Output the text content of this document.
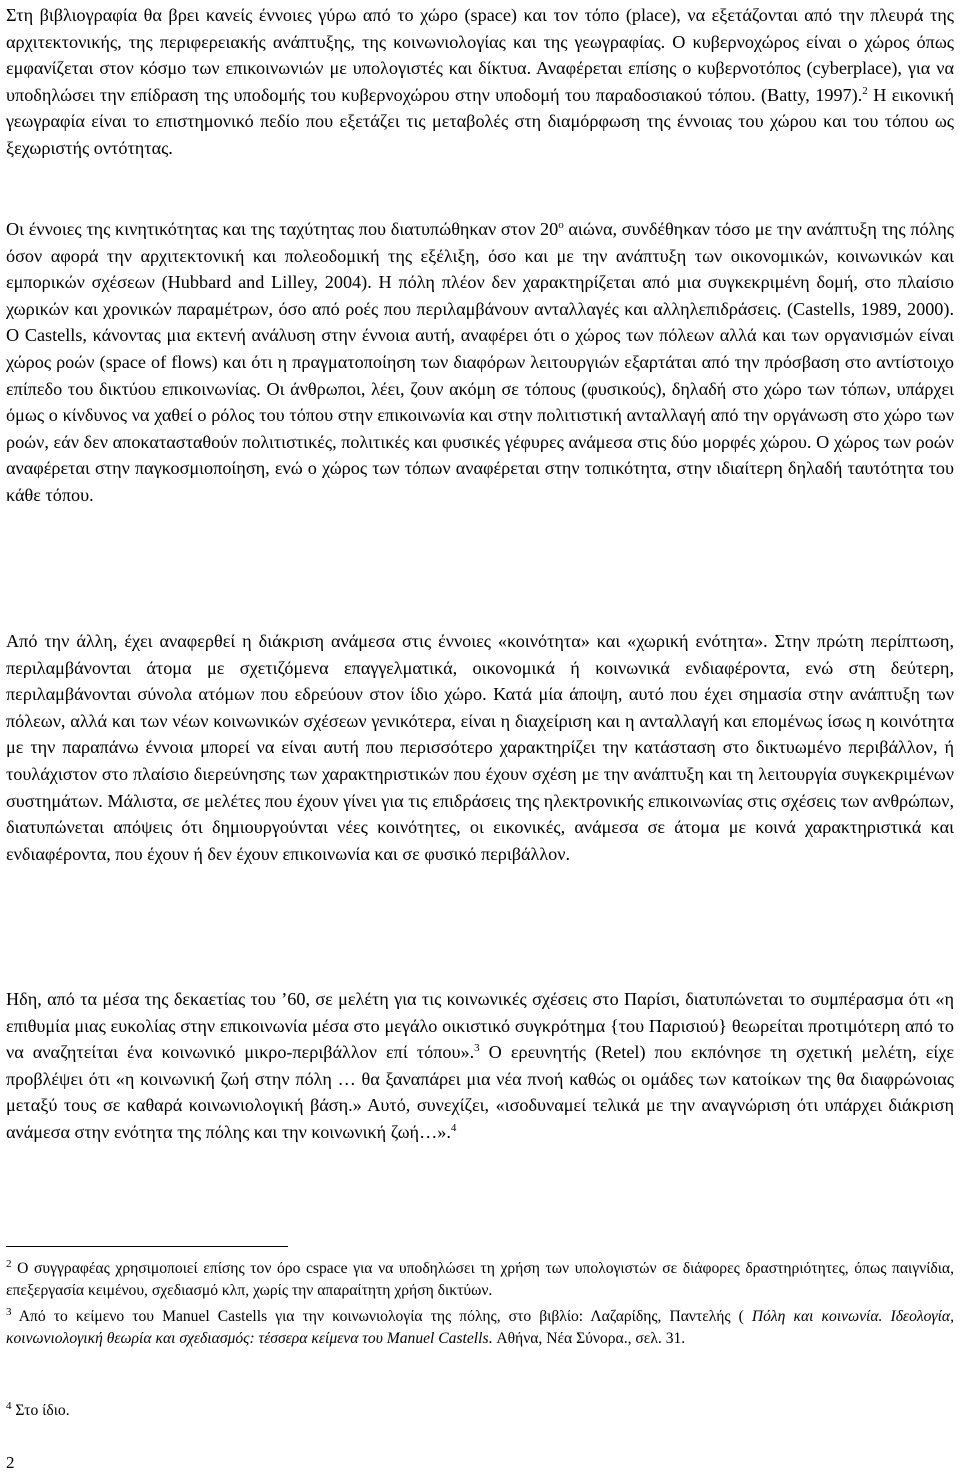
Στη βιβλιογραφία θα βρει κανείς έννοιες γύρω από το χώρο (space) και τον τόπο (place), να εξετάζονται από την πλευρά της αρχιτεκτονικής, της περιφερειακής ανάπτυξης, της κοινωνιολογίας και της γεωγραφίας. Ο κυβερνοχώρος είναι ο χώρος όπως εμφανίζεται στον κόσμο των επικοινωνιών με υπολογιστές και δίκτυα. Αναφέρεται επίσης ο κυβερνοτόπος (cyberplace), για να υποδηλώσει την επίδραση της υποδομής του κυβερνοχώρου στην υποδομή του παραδοσιακού τόπου. (Batty, 1997).$^2$ Η εικονική γεωγραφία είναι το επιστημονικό πεδίο που εξετάζει τις μεταβολές στη διαμόρφωση της έννοιας του χώρου και του τόπου ως ξεχωριστής οντότητας.

Οι έννοιες της κινητικότητας και της ταχύτητας που διατυπώθηκαν στον $20^o$ αιώνα, συνδέθηκαν τόσο με την ανάπτυξη της πόλης όσον αφορά την αρχιτεκτονική και πολεοδομική της εξέλιξη, όσο και με την ανάπτυξη των οικονομικών, κοινωνικών και εμπορικών σχέσεων (Hubbard and Lilley, 2004). Η πόλη πλέον δεν χαρακτηρίζεται από μια συγκεκριμένη δομή, στο πλαίσιο χωρικών και χρονικών παραμέτρων, όσο από ροές που περιλαμβάνουν ανταλλαγές και αλληλεπιδράσεις. (Castells, 1989, 2000). Ο Castells, κάνοντας μια εκτενή ανάλυση στην έννοια αυτή, αναφέρει ότι ο χώρος των πόλεων αλλά και των οργανισμών είναι χώρος ροών (space of flows) και ότι η πραγματοποίηση των διαφόρων λειτουργιών εξαρτάται από την πρόσβαση στο αντίστοιχο επίπεδο του δικτύου επικοινωνίας. Οι άνθρωποι, λέει, ζουν ακόμη σε τόπους (φυσικούς), δηλαδή στο χώρο των τόπων, υπάρχει όμως ο κίνδυνος να χαθεί ο ρόλος του τόπου στην επικοινωνία και στην πολιτιστική ανταλλαγή από την οργάνωση στο χώρο των ροών, εάν δεν αποκατασταθούν πολιτιστικές, πολιτικές και φυσικές γέφυρες ανάμεσα στις δύο μορφές χώρου. Ο χώρος των ροών αναφέρεται στην παγκοσμιοποίηση, ενώ ο χώρος των τόπων αναφέρεται στην τοπικότητα, στην ιδιαίτερη δηλαδή ταυτότητα του κάθε τόπου.

Από την άλλη, έχει αναφερθεί η διάκριση ανάμεσα στις έννοιες «κοινότητα» και «χωρική ενότητα». Στην πρώτη περίπτωση, περιλαμβάνονται άτομα με σχετιζόμενα επαγγελματικά, οικονομικά ή κοινωνικά ενδιαφέροντα, ενώ στη δεύτερη, περιλαμβάνονται σύνολα ατόμων που εδρεύουν στον ίδιο χώρο. Κατά μία άποψη, αυτό που έχει σημασία στην ανάπτυξη των πόλεων, αλλά και των νέων κοινωνικών σχέσεων γενικότερα, είναι η διαχείριση και η ανταλλαγή και επομένως ίσως η κοινότητα με την παραπάνω έννοια μπορεί να είναι αυτή που περισσότερο χαρακτηρίζει την κατάσταση στο δικτυωμένο περιβάλλον, ή τουλάχιστον στο πλαίσιο διερεύνησης των χαρακτηριστικών που έχουν σχέση με την ανάπτυξη και τη λειτουργία συγκεκριμένων συστημάτων. Μάλιστα, σε μελέτες που έχουν γίνει για τις επιδράσεις της ηλεκτρονικής επικοινωνίας στις σχέσεις των ανθρώπων, διατυπώνεται απόψεις ότι δημιουργούνται νέες κοινότητες, οι εικονικές, ανάμεσα σε άτομα με κοινά χαρακτηριστικά και ενδιαφέροντα, που έχουν ή δεν έχουν επικοινωνία και σε φυσικό περιβάλλον.

Ηδη, από τα μέσα της δεκαετίας του ’60, σε μελέτη για τις κοινωνικές σχέσεις στο Παρίσι, διατυπώνεται το συμπέρασμα ότι «η επιθυμία μιας ευκολίας στην επικοινωνία μέσα στο μεγάλο οικιστικό συγκρότημα {του Παρισιού} θεωρείται προτιμότερη από το να αναζητείται ένα κοινωνικό μικρο-περιβάλλον επί τόπου».$^3$ Ο ερευνητής (Retel) που εκπόνησε τη σχετική μελέτη, είχε προβλέψει ότι «η κοινωνική ζωή στην πόλη … θα ξαναπάρει μια νέα πνοή καθώς οι ομάδες των κατοίκων της θα διαφρώνοιας μεταξύ τους σε καθαρά κοινωνιολογική βάση.» Αυτό, συνεχίζει, «ισοδυναμεί τελικά με την αναγνώριση ότι υπάρχει διάκριση ανάμεσα στην ενότητα της πόλης και την κοινωνική ζωή…».$^4$

$^2$ Ο συγγραφέας χρησιμοποιεί επίσης τον όρο cspace για να υποδηλώσει τη χρήση των υπολογιστών σε διάφορες δραστηριότητες, όπως παιγνίδια, επεξεργασία κειμένου, σχεδιασμό κλπ, χωρίς την απαραίτητη χρήση δικτύων.

$^3$ Από το κείμενο του Manuel Castells για την κοινωνιολογία της πόλης, στο βιβλίο: Λαζαρίδης, Παντελής ( Πόλη και κοινωνία. Ιδεολογία, κοινωνιολογική θεωρία και σχεδιασμός: τέσσερα κείμενα του Manuel Castells. Αθήνα, Νέα Σύνορα., σελ. 31.

$^4$ Στο ίδιο.

2
